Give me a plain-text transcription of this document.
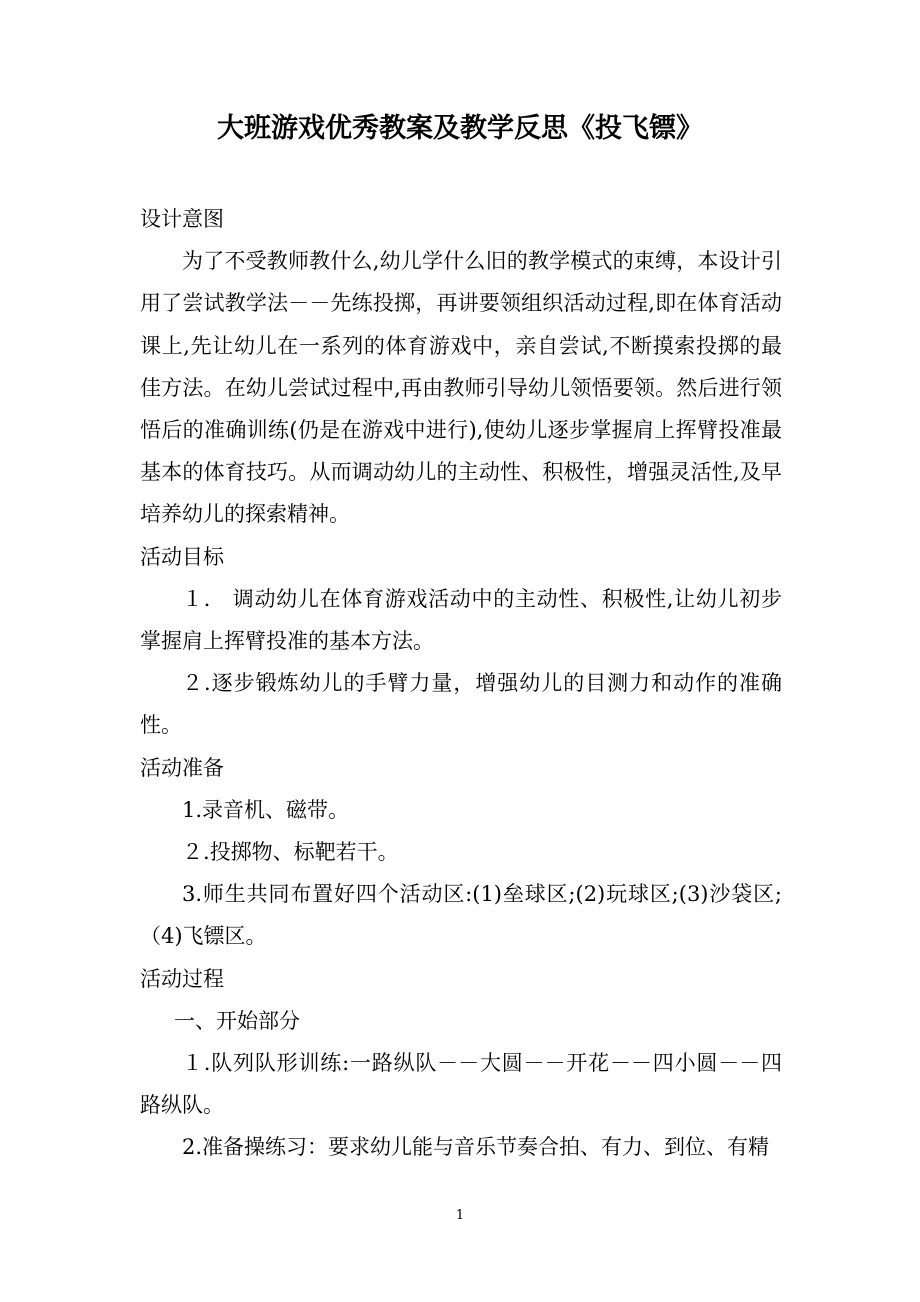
大班游戏优秀教案及教学反思《投飞镖》

设计意图

为了不受教师教什么,幼儿学什么旧的教学模式的束缚，本设计引用了尝试教学法－－先练投掷，再讲要领组织活动过程,即在体育活动课上,先让幼儿在一系列的体育游戏中，亲自尝试,不断摸索投掷的最佳方法。在幼儿尝试过程中,再由教师引导幼儿领悟要领。然后进行领悟后的准确训练(仍是在游戏中进行),使幼儿逐步掌握肩上挥臂投准最基本的体育技巧。从而调动幼儿的主动性、积极性，增强灵活性,及早培养幼儿的探索精神。

活动目标

１． 调动幼儿在体育游戏活动中的主动性、积极性,让幼儿初步掌握肩上挥臂投准的基本方法。

２.逐步锻炼幼儿的手臂力量，增强幼儿的目测力和动作的准确性。

活动准备

1.录音机、磁带。

２.投掷物、标靶若干。

3.师生共同布置好四个活动区:(1)垒球区;(2)玩球区;(3)沙袋区;（4)飞镖区。

活动过程

一、开始部分

１.队列队形训练:一路纵队－－大圆－－开花－－四小圆－－四路纵队。

2.准备操练习：要求幼儿能与音乐节奏合拍、有力、到位、有精

1
